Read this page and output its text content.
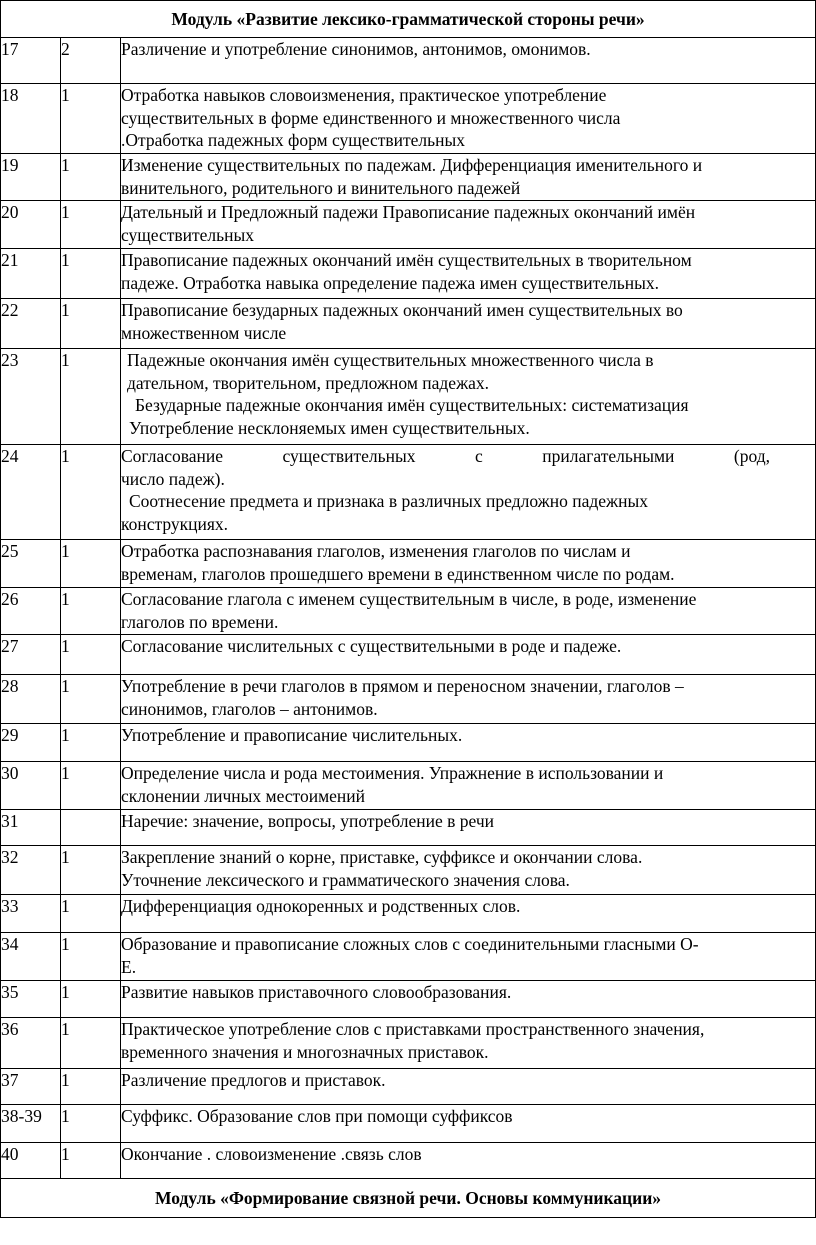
Модуль «Развитие лексико-грамматической стороны речи»		
17	2	Различение и употребление синонимов, антонимов, омонимов.

18	1	Отработка навыков словоизменения, практическое употребление
существительных в форме единственного и множественного числа
.Отработка падежных форм существительных

19	1	Изменение существительных по падежам. Дифференциация именительного и
винительного, родительного и винительного падежей

20	1	Дательный и Предложный падежи Правописание падежных окончаний имён
существительных

21	1	Правописание падежных окончаний имён существительных в творительном
падеже. Отработка навыка определение падежа имен существительных.

22	1	Правописание безударных падежных окончаний имен существительных во
множественном числе

23	1	Падежные окончания имён существительных множественного числа в
дательном, творительном, предложном падежах.
Безударные падежные окончания имён существительных: систематизация
Употребление несклоняемых имен существительных.

24	1	Согласование существительных с прилагательными (род,
число падеж).
Соотнесение предмета и признака в различных предложно падежных
конструкциях.

25	1	Отработка распознавания глаголов, изменения глаголов по числам и
временам, глаголов прошедшего времени в единственном числе по родам.

26	1	Согласование глагола с именем существительным в числе, в роде, изменение
глаголов по времени.

27	1	Согласование числительных с существительными в роде и падеже.

28	1	Употребление в речи глаголов в прямом и переносном значении, глаголов –
синонимов, глаголов – антонимов.

29	1	Употребление и правописание числительных.

30	1	Определение числа и рода местоимения. Упражнение в использовании и
склонении личных местоимений

31		Наречие: значение, вопросы, употребление в речи

32	1	Закрепление знаний о корне, приставке, суффиксе и окончании слова.
Уточнение лексического и грамматического значения слова.

33	1	Дифференциация однокоренных и родственных слов.

34	1	Образование и правописание сложных слов с соединительными гласными О-
Е.

35	1	Развитие навыков приставочного словообразования.

36	1	Практическое употребление слов с приставками пространственного значения,
временного значения и многозначных приставок.

37	1	Различение предлогов и приставок.

38-39	1	Суффикс. Образование слов при помощи суффиксов

40	1	Окончание . словоизменение .связь слов

Модуль «Формирование связной речи. Основы коммуникации»		
